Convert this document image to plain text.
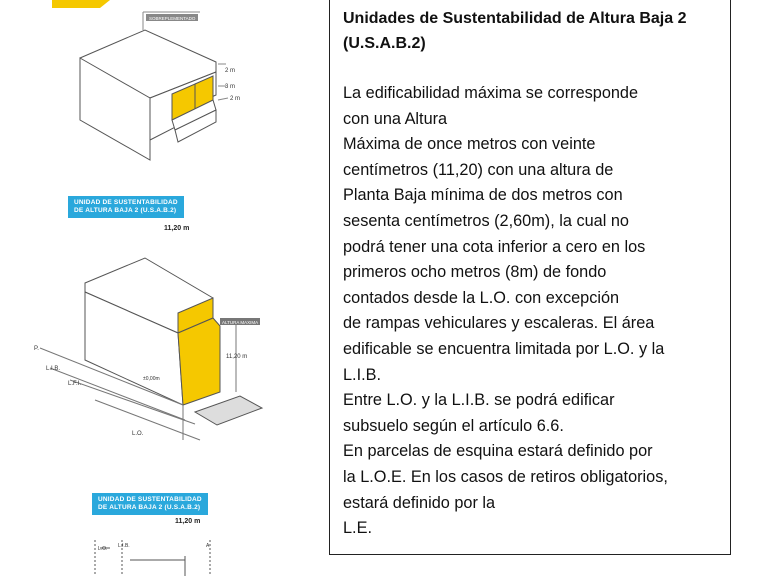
SOBREPLEMENTADO
2 m
3 m
2 m
ALTURA MAXIMA
11,20 m
±0,00m
P.
L.I.B.
L.F.I.
L.O.
L.O. L.I.B.	A
UNIDAD DE SUSTENTABILIDAD
DE ALTURA BAJA 2 (U.S.A.B.2)
11,20 m
UNIDAD DE SUSTENTABILIDAD
DE ALTURA BAJA 2 (U.S.A.B.2)
11,20 m
Unidades de Sustentabilidad de Altura Baja 2 (U.S.A.B.2)
La edificabilidad máxima se corresponde
con una Altura
Máxima de once metros con veinte
centímetros (11,20) con una altura de
Planta Baja mínima de dos metros con
sesenta centímetros (2,60m), la cual no
podrá tener una cota inferior a cero en los
primeros ocho metros (8m) de fondo
contados desde la L.O. con excepción
de rampas vehiculares y escaleras. El área
edificable se encuentra limitada por L.O. y la
L.I.B.
Entre L.O. y la L.I.B. se podrá edificar
subsuelo según el artículo 6.6.
En parcelas de esquina estará definido por
la L.O.E. En los casos de retiros obligatorios,
estará definido por la
L.E.
